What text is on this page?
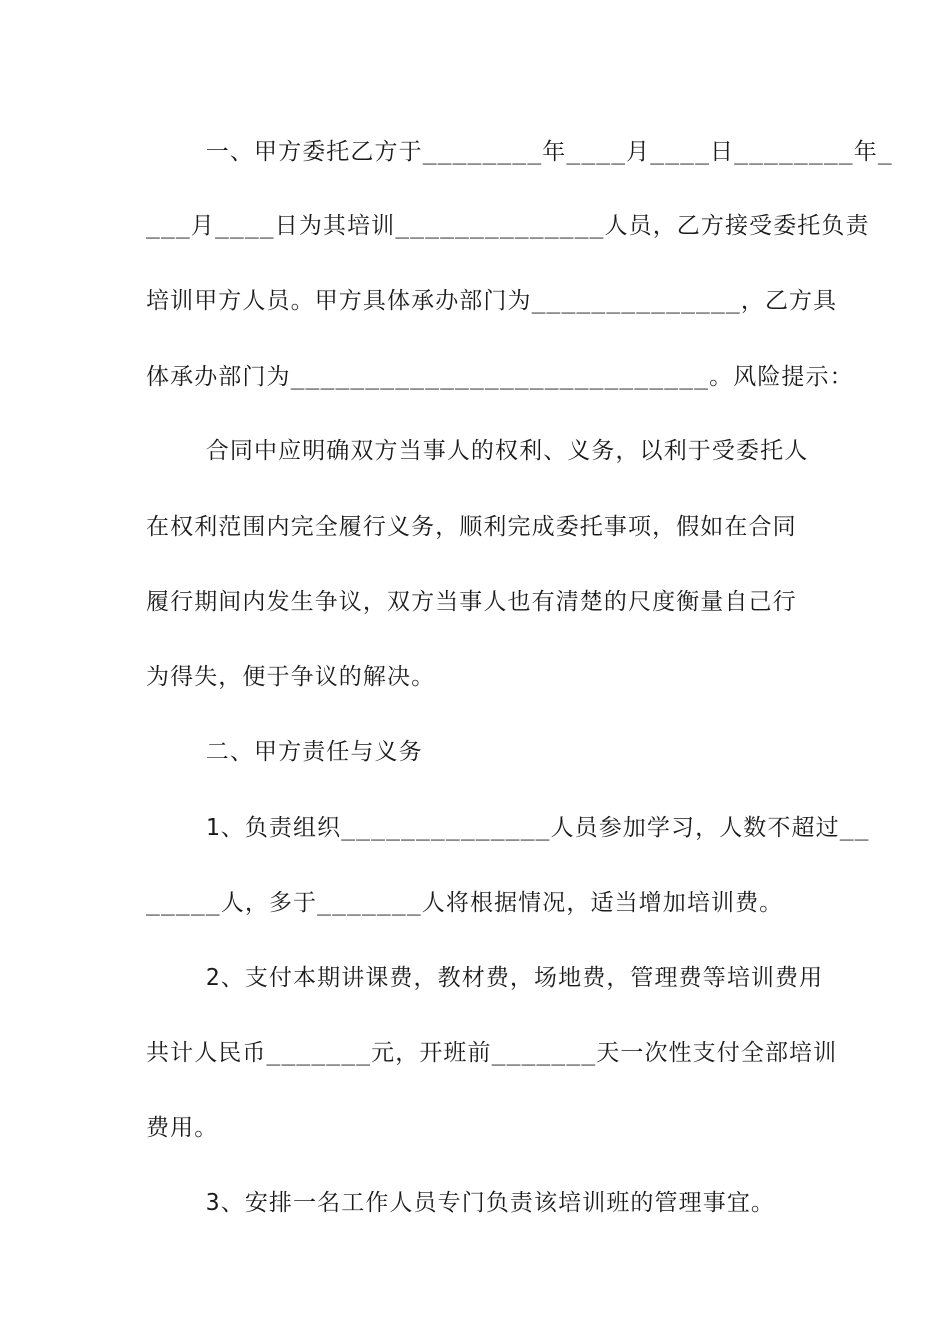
一、甲方委托乙方于________年____月____日________年_
___月____日为其培训______________人员，乙方接受委托负责
培训甲方人员。甲方具体承办部门为______________，乙方具
体承办部门为____________________________。风险提示：
合同中应明确双方当事人的权利、义务，以利于受委托人
在权利范围内完全履行义务，顺利完成委托事项，假如在合同
履行期间内发生争议，双方当事人也有清楚的尺度衡量自己行
为得失，便于争议的解决。
二、甲方责任与义务
1、负责组织______________人员参加学习，人数不超过__
_____人，多于_______人将根据情况，适当增加培训费。
2、支付本期讲课费，教材费，场地费，管理费等培训费用
共计人民币_______元，开班前_______天一次性支付全部培训
费用。
3、安排一名工作人员专门负责该培训班的管理事宜。
